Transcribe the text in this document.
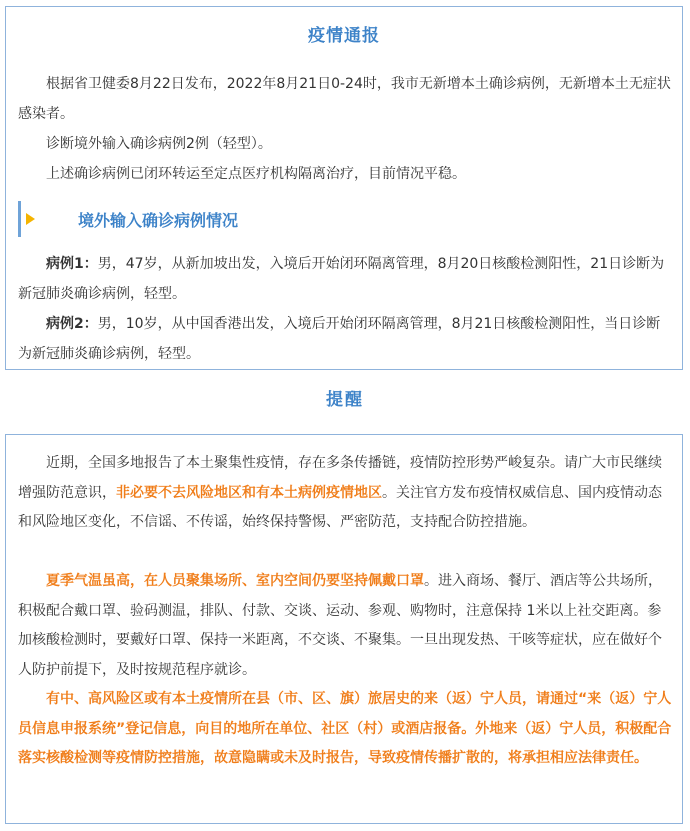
疫情通报
　　根据省卫健委8月22日发布，2022年8月21日0-24时，我市无新增本土确诊病例，无新增本土无症状感染者。
　　诊断境外输入确诊病例2例（轻型）。
　　上述确诊病例已闭环转运至定点医疗机构隔离治疗，目前情况平稳。
境外输入确诊病例情况
　　病例1：男，47岁，从新加坡出发，入境后开始闭环隔离管理，8月20日核酸检测阳性，21日诊断为新冠肺炎确诊病例，轻型。
　　病例2：男，10岁，从中国香港出发，入境后开始闭环隔离管理，8月21日核酸检测阳性，当日诊断为新冠肺炎确诊病例，轻型。
提醒
　　近期，全国多地报告了本土聚集性疫情，存在多条传播链，疫情防控形势严峻复杂。请广大市民继续增强防范意识，非必要不去风险地区和有本土病例疫情地区。关注官方发布疫情权威信息、国内疫情动态和风险地区变化，不信谣、不传谣，始终保持警惕、严密防范，支持配合防控措施。
　　夏季气温虽高，在人员聚集场所、室内空间仍要坚持佩戴口罩。进入商场、餐厅、酒店等公共场所，积极配合戴口罩、验码测温，排队、付款、交谈、运动、参观、购物时，注意保持 1米以上社交距离。参加核酸检测时，要戴好口罩、保持一米距离，不交谈、不聚集。一旦出现发热、干咳等症状，应在做好个人防护前提下，及时按规范程序就诊。
　　有中、高风险区或有本土疫情所在县（市、区、旗）旅居史的来（返）宁人员，请通过“来（返）宁人员信息申报系统”登记信息，向目的地所在单位、社区（村）或酒店报备。外地来（返）宁人员，积极配合落实核酸检测等疫情防控措施，故意隐瞒或未及时报告，导致疫情传播扩散的，将承担相应法律责任。
